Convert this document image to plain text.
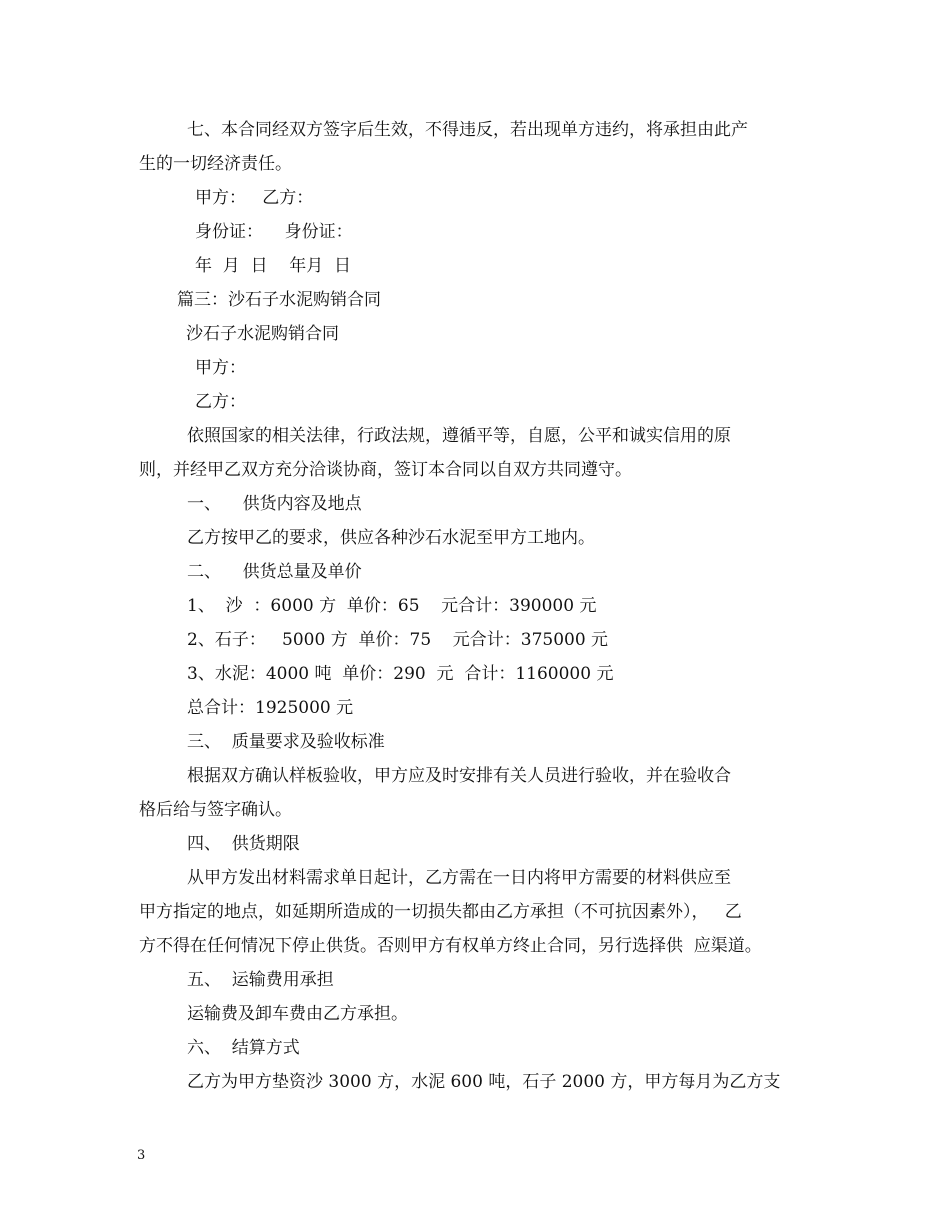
七、本合同经双方签字后生效，不得违反，若出现单方违约，将承担由此产
生的一切经济责任。
甲方：   乙方：
身份证：    身份证：
年  月  日    年月  日
篇三：沙石子水泥购销合同
沙石子水泥购销合同
甲方：
乙方：
依照国家的相关法律，行政法规，遵循平等，自愿，公平和诚实信用的原
则，并经甲乙双方充分洽谈协商，签订本合同以自双方共同遵守。
一、    供货内容及地点
乙方按甲乙的要求，供应各种沙石水泥至甲方工地内。
二、    供货总量及单价
1、  沙  ：6000 方  单价：65    元合计：390000 元
2、石子：   5000 方  单价：75    元合计：375000 元
3、水泥：4000 吨  单价：290  元  合计：1160000 元
总合计：1925000 元
三、  质量要求及验收标准
根据双方确认样板验收，甲方应及时安排有关人员进行验收，并在验收合
格后给与签字确认。
四、  供货期限
从甲方发出材料需求单日起计，乙方需在一日内将甲方需要的材料供应至
甲方指定的地点，如延期所造成的一切损失都由乙方承担（不可抗因素外），   乙
方不得在任何情况下停止供货。否则甲方有权单方终止合同，另行选择供  应渠道。
五、  运输费用承担
运输费及卸车费由乙方承担。
六、  结算方式
乙方为甲方垫资沙 3000 方，水泥 600 吨，石子 2000 方，甲方每月为乙方支
3
